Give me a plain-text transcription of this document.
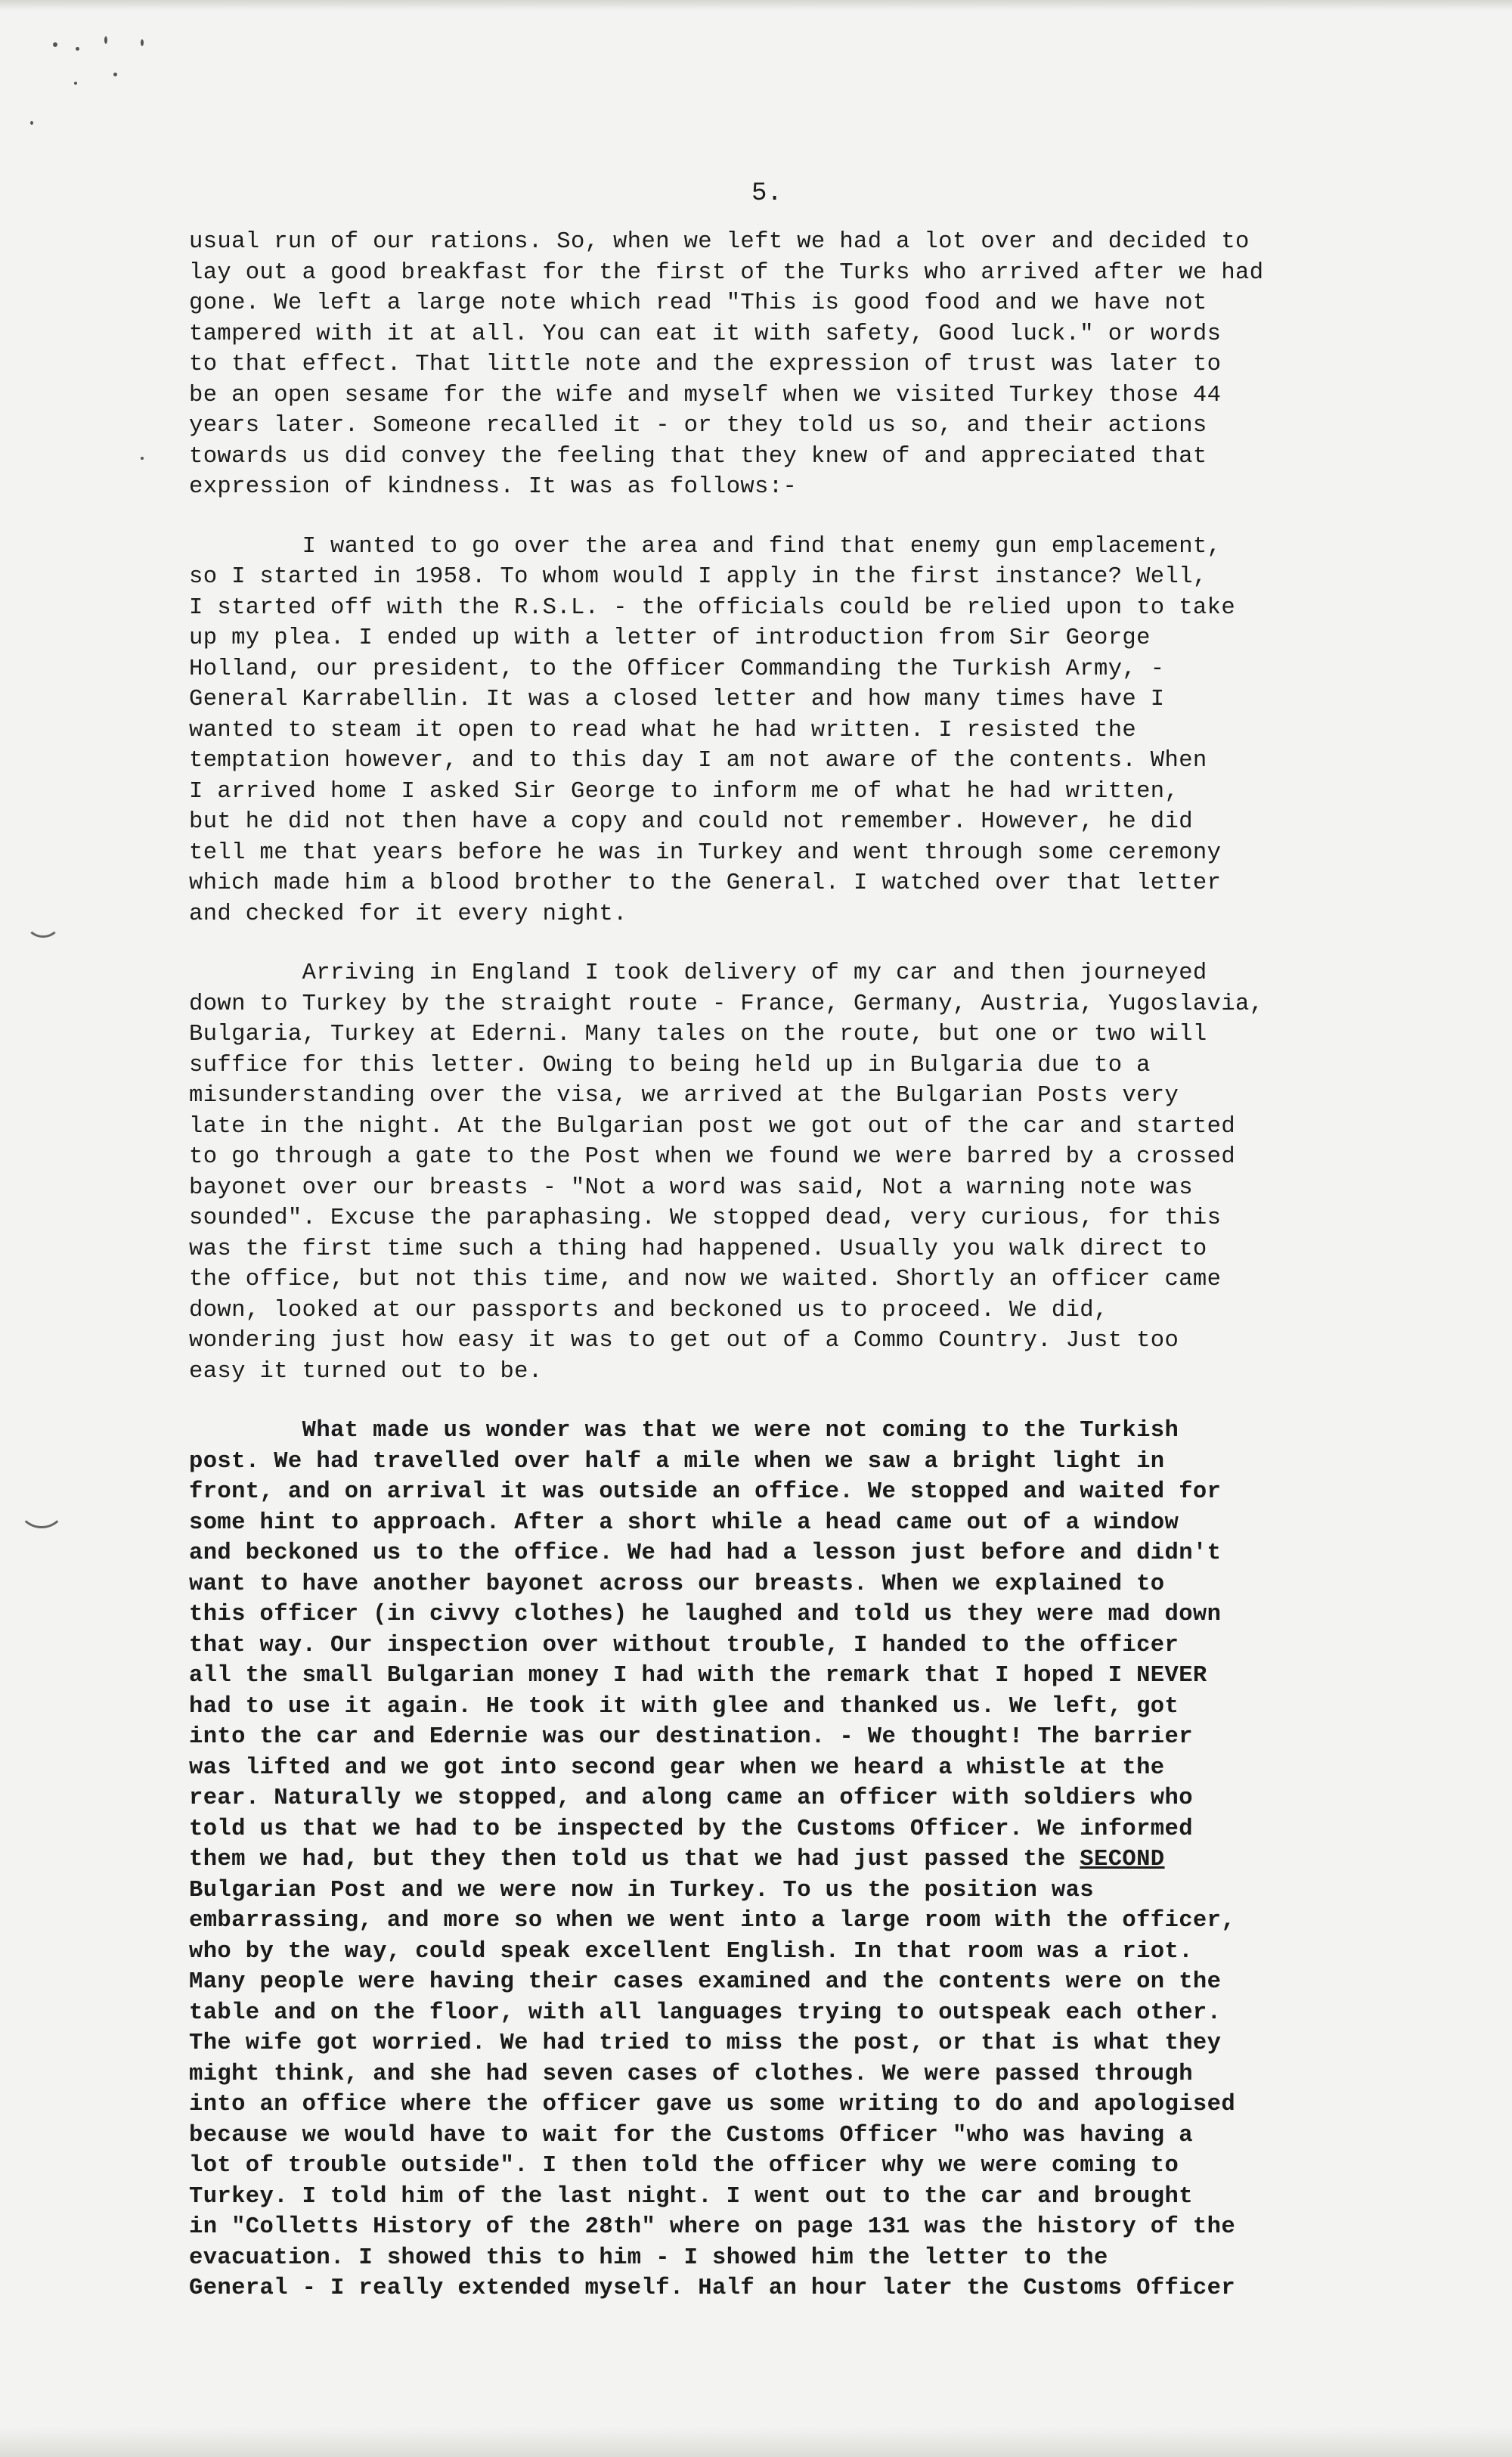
5.
usual run of our rations. So, when we left we had a lot over and decided to
lay out a good breakfast for the first of the Turks who arrived after we had
gone. We left a large note which read "This is good food and we have not
tampered with it at all. You can eat it with safety, Good luck." or words
to that effect. That little note and the expression of trust was later to
be an open sesame for the wife and myself when we visited Turkey those 44
years later. Someone recalled it - or they told us so, and their actions
towards us did convey the feeling that they knew of and appreciated that
expression of kindness. It was as follows:-
I wanted to go over the area and find that enemy gun emplacement,
so I started in 1958. To whom would I apply in the first instance? Well,
I started off with the R.S.L. - the officials could be relied upon to take
up my plea. I ended up with a letter of introduction from Sir George
Holland, our president, to the Officer Commanding the Turkish Army, -
General Karrabellin. It was a closed letter and how many times have I
wanted to steam it open to read what he had written. I resisted the
temptation however, and to this day I am not aware of the contents. When
I arrived home I asked Sir George to inform me of what he had written,
but he did not then have a copy and could not remember. However, he did
tell me that years before he was in Turkey and went through some ceremony
which made him a blood brother to the General. I watched over that letter
and checked for it every night.
Arriving in England I took delivery of my car and then journeyed
down to Turkey by the straight route - France, Germany, Austria, Yugoslavia,
Bulgaria, Turkey at Ederni. Many tales on the route, but one or two will
suffice for this letter. Owing to being held up in Bulgaria due to a
misunderstanding over the visa, we arrived at the Bulgarian Posts very
late in the night. At the Bulgarian post we got out of the car and started
to go through a gate to the Post when we found we were barred by a crossed
bayonet over our breasts - "Not a word was said, Not a warning note was
sounded". Excuse the paraphasing. We stopped dead, very curious, for this
was the first time such a thing had happened. Usually you walk direct to
the office, but not this time, and now we waited. Shortly an officer came
down, looked at our passports and beckoned us to proceed. We did,
wondering just how easy it was to get out of a Commo Country. Just too
easy it turned out to be.
What made us wonder was that we were not coming to the Turkish
post. We had travelled over half a mile when we saw a bright light in
front, and on arrival it was outside an office. We stopped and waited for
some hint to approach. After a short while a head came out of a window
and beckoned us to the office. We had had a lesson just before and didn't
want to have another bayonet across our breasts. When we explained to
this officer (in civvy clothes) he laughed and told us they were mad down
that way. Our inspection over without trouble, I handed to the officer
all the small Bulgarian money I had with the remark that I hoped I NEVER
had to use it again. He took it with glee and thanked us. We left, got
into the car and Edernie was our destination. - We thought! The barrier
was lifted and we got into second gear when we heard a whistle at the
rear. Naturally we stopped, and along came an officer with soldiers who
told us that we had to be inspected by the Customs Officer. We informed
them we had, but they then told us that we had just passed the SECOND
Bulgarian Post and we were now in Turkey. To us the position was
embarrassing, and more so when we went into a large room with the officer,
who by the way, could speak excellent English. In that room was a riot.
Many people were having their cases examined and the contents were on the
table and on the floor, with all languages trying to outspeak each other.
The wife got worried. We had tried to miss the post, or that is what they
might think, and she had seven cases of clothes. We were passed through
into an office where the officer gave us some writing to do and apologised
because we would have to wait for the Customs Officer "who was having a
lot of trouble outside". I then told the officer why we were coming to
Turkey. I told him of the last night. I went out to the car and brought
in "Colletts History of the 28th" where on page 131 was the history of the
evacuation. I showed this to him - I showed him the letter to the
General - I really extended myself. Half an hour later the Customs Officer
